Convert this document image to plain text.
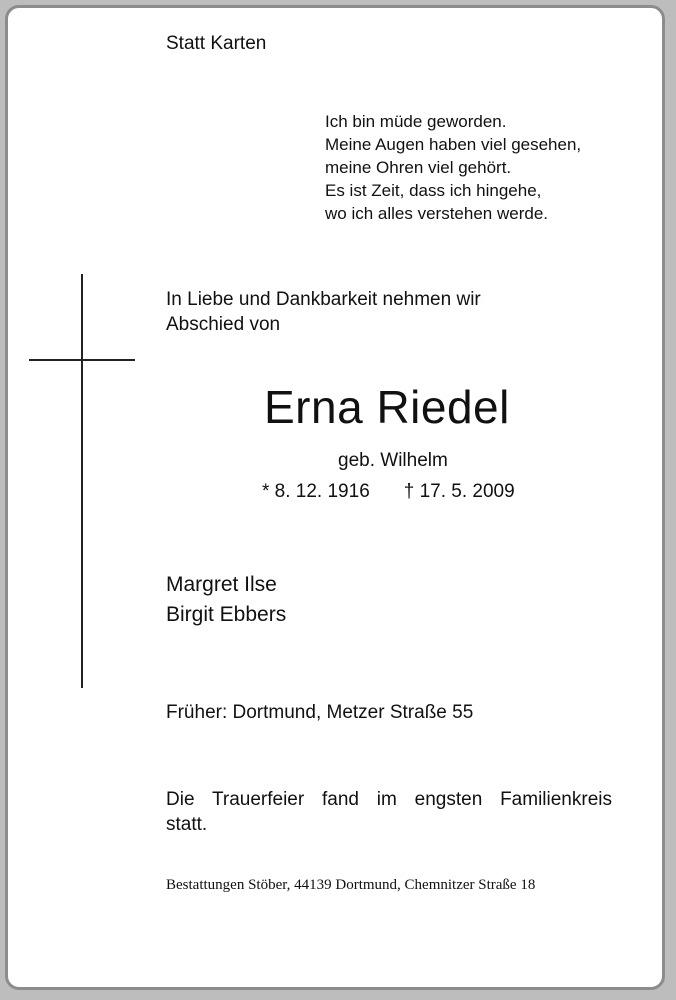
Statt Karten
Ich bin müde geworden.
Meine Augen haben viel gesehen,
meine Ohren viel gehört.
Es ist Zeit, dass ich hingehe,
wo ich alles verstehen werde.
In Liebe und Dankbarkeit nehmen wir
Abschied von
Erna Riedel
geb. Wilhelm
* 8. 12. 1916 † 17. 5. 2009
Margret Ilse
Birgit Ebbers
Früher: Dortmund, Metzer Straße 55
Die Trauerfeier fand im engsten Familienkreis
statt.
Bestattungen Stöber, 44139 Dortmund, Chemnitzer Straße 18
